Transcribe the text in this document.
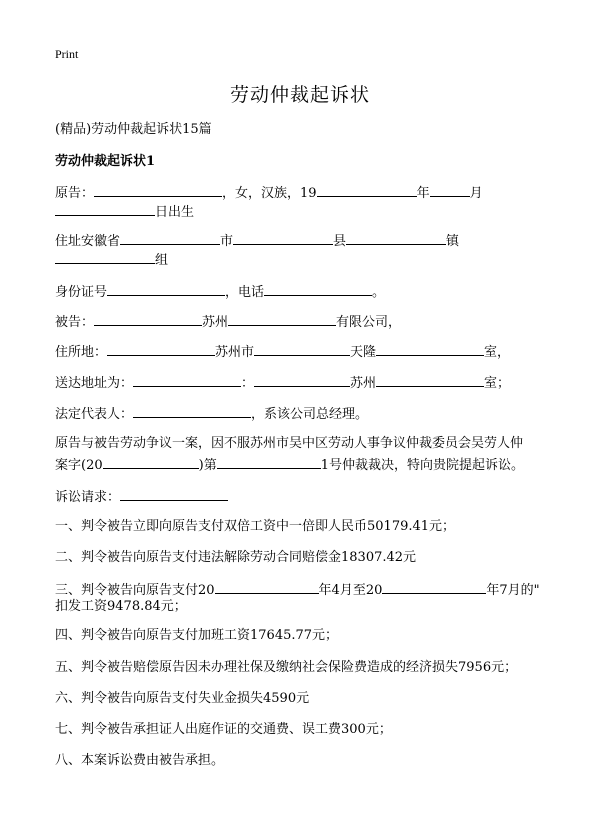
Print
劳动仲裁起诉状
(精品)劳动仲裁起诉状15篇
劳动仲裁起诉状1
原告：	，女，汉族，19	年	月
日出生
住址安徽省	市	县	镇
组
身份证号	，电话	。
被告：	苏州	有限公司，
住所地：	苏州市	天隆	室，
送达地址为：	：	苏州	室；
法定代表人：	，系该公司总经理。
原告与被告劳动争议一案，因不服苏州市吴中区劳动人事争议仲裁委员会吴劳人仲
案字(20	)第	1号仲裁裁决，特向贵院提起诉讼。
诉讼请求：
一、判令被告立即向原告支付双倍工资中一倍即人民币50179.41元；
二、判令被告向原告支付违法解除劳动合同赔偿金18307.42元
三、判令被告向原告支付20	年4月至20	年7月的"
扣发工资9478.84元；
四、判令被告向原告支付加班工资17645.77元；
五、判令被告赔偿原告因未办理社保及缴纳社会保险费造成的经济损失7956元；
六、判令被告向原告支付失业金损失4590元
七、判令被告承担证人出庭作证的交通费、误工费300元；
八、本案诉讼费由被告承担。
